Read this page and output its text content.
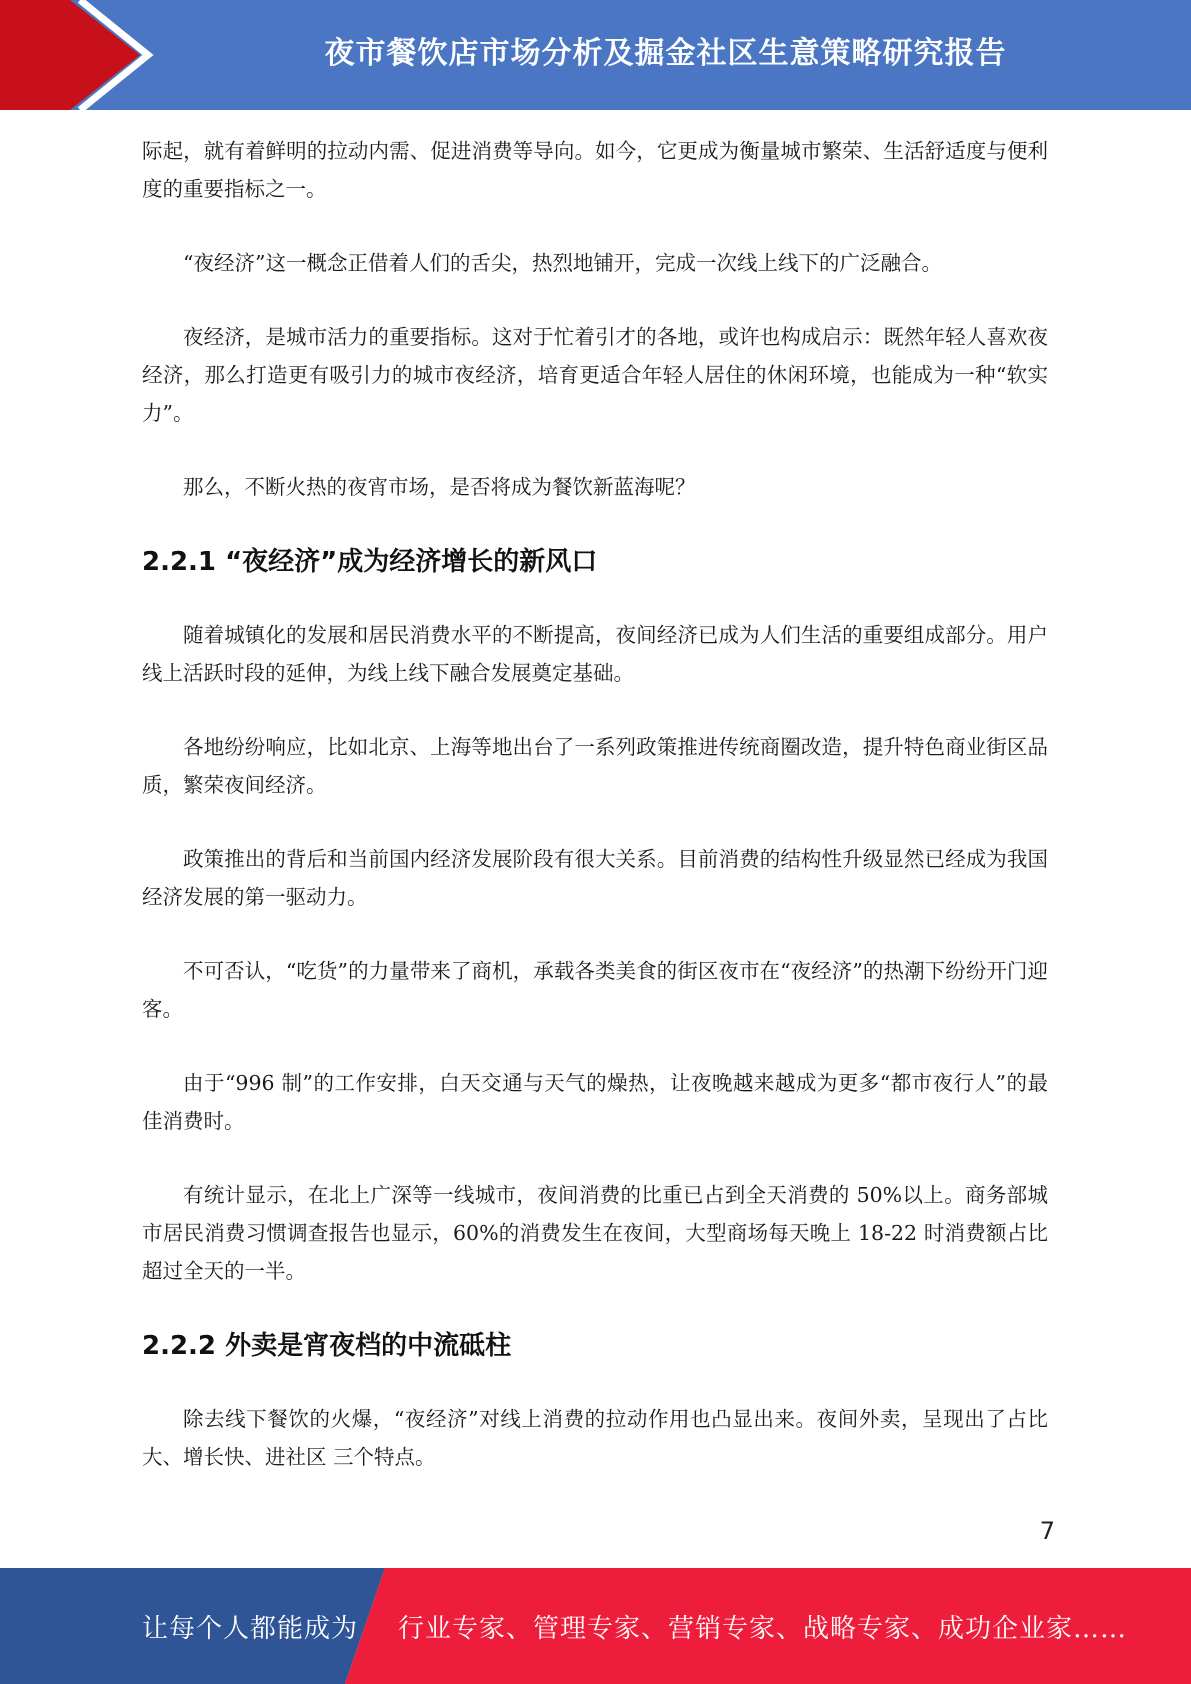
夜市餐饮店市场分析及掘金社区生意策略研究报告

际起，就有着鲜明的拉动内需、促进消费等导向。如今，它更成为衡量城市繁荣、生活舒适度与便利度的重要指标之一。

“夜经济”这一概念正借着人们的舌尖，热烈地铺开，完成一次线上线下的广泛融合。

夜经济，是城市活力的重要指标。这对于忙着引才的各地，或许也构成启示：既然年轻人喜欢夜经济，那么打造更有吸引力的城市夜经济，培育更适合年轻人居住的休闲环境，也能成为一种“软实力”。

那么，不断火热的夜宵市场，是否将成为餐饮新蓝海呢？

2.2.1 “夜经济”成为经济增长的新风口

随着城镇化的发展和居民消费水平的不断提高，夜间经济已成为人们生活的重要组成部分。用户线上活跃时段的延伸，为线上线下融合发展奠定基础。

各地纷纷响应，比如北京、上海等地出台了一系列政策推进传统商圈改造，提升特色商业街区品质，繁荣夜间经济。

政策推出的背后和当前国内经济发展阶段有很大关系。目前消费的结构性升级显然已经成为我国经济发展的第一驱动力。

不可否认，“吃货”的力量带来了商机，承载各类美食的街区夜市在“夜经济”的热潮下纷纷开门迎客。

由于“996 制”的工作安排，白天交通与天气的燥热，让夜晚越来越成为更多“都市夜行人”的最佳消费时。

有统计显示，在北上广深等一线城市，夜间消费的比重已占到全天消费的 50%以上。商务部城市居民消费习惯调查报告也显示，60%的消费发生在夜间，大型商场每天晚上 18-22 时消费额占比超过全天的一半。

2.2.2 外卖是宵夜档的中流砥柱

除去线下餐饮的火爆，“夜经济”对线上消费的拉动作用也凸显出来。夜间外卖，呈现出了占比大、增长快、进社区 三个特点。

7
让每个人都能成为 行业专家、管理专家、营销专家、战略专家、成功企业家……
